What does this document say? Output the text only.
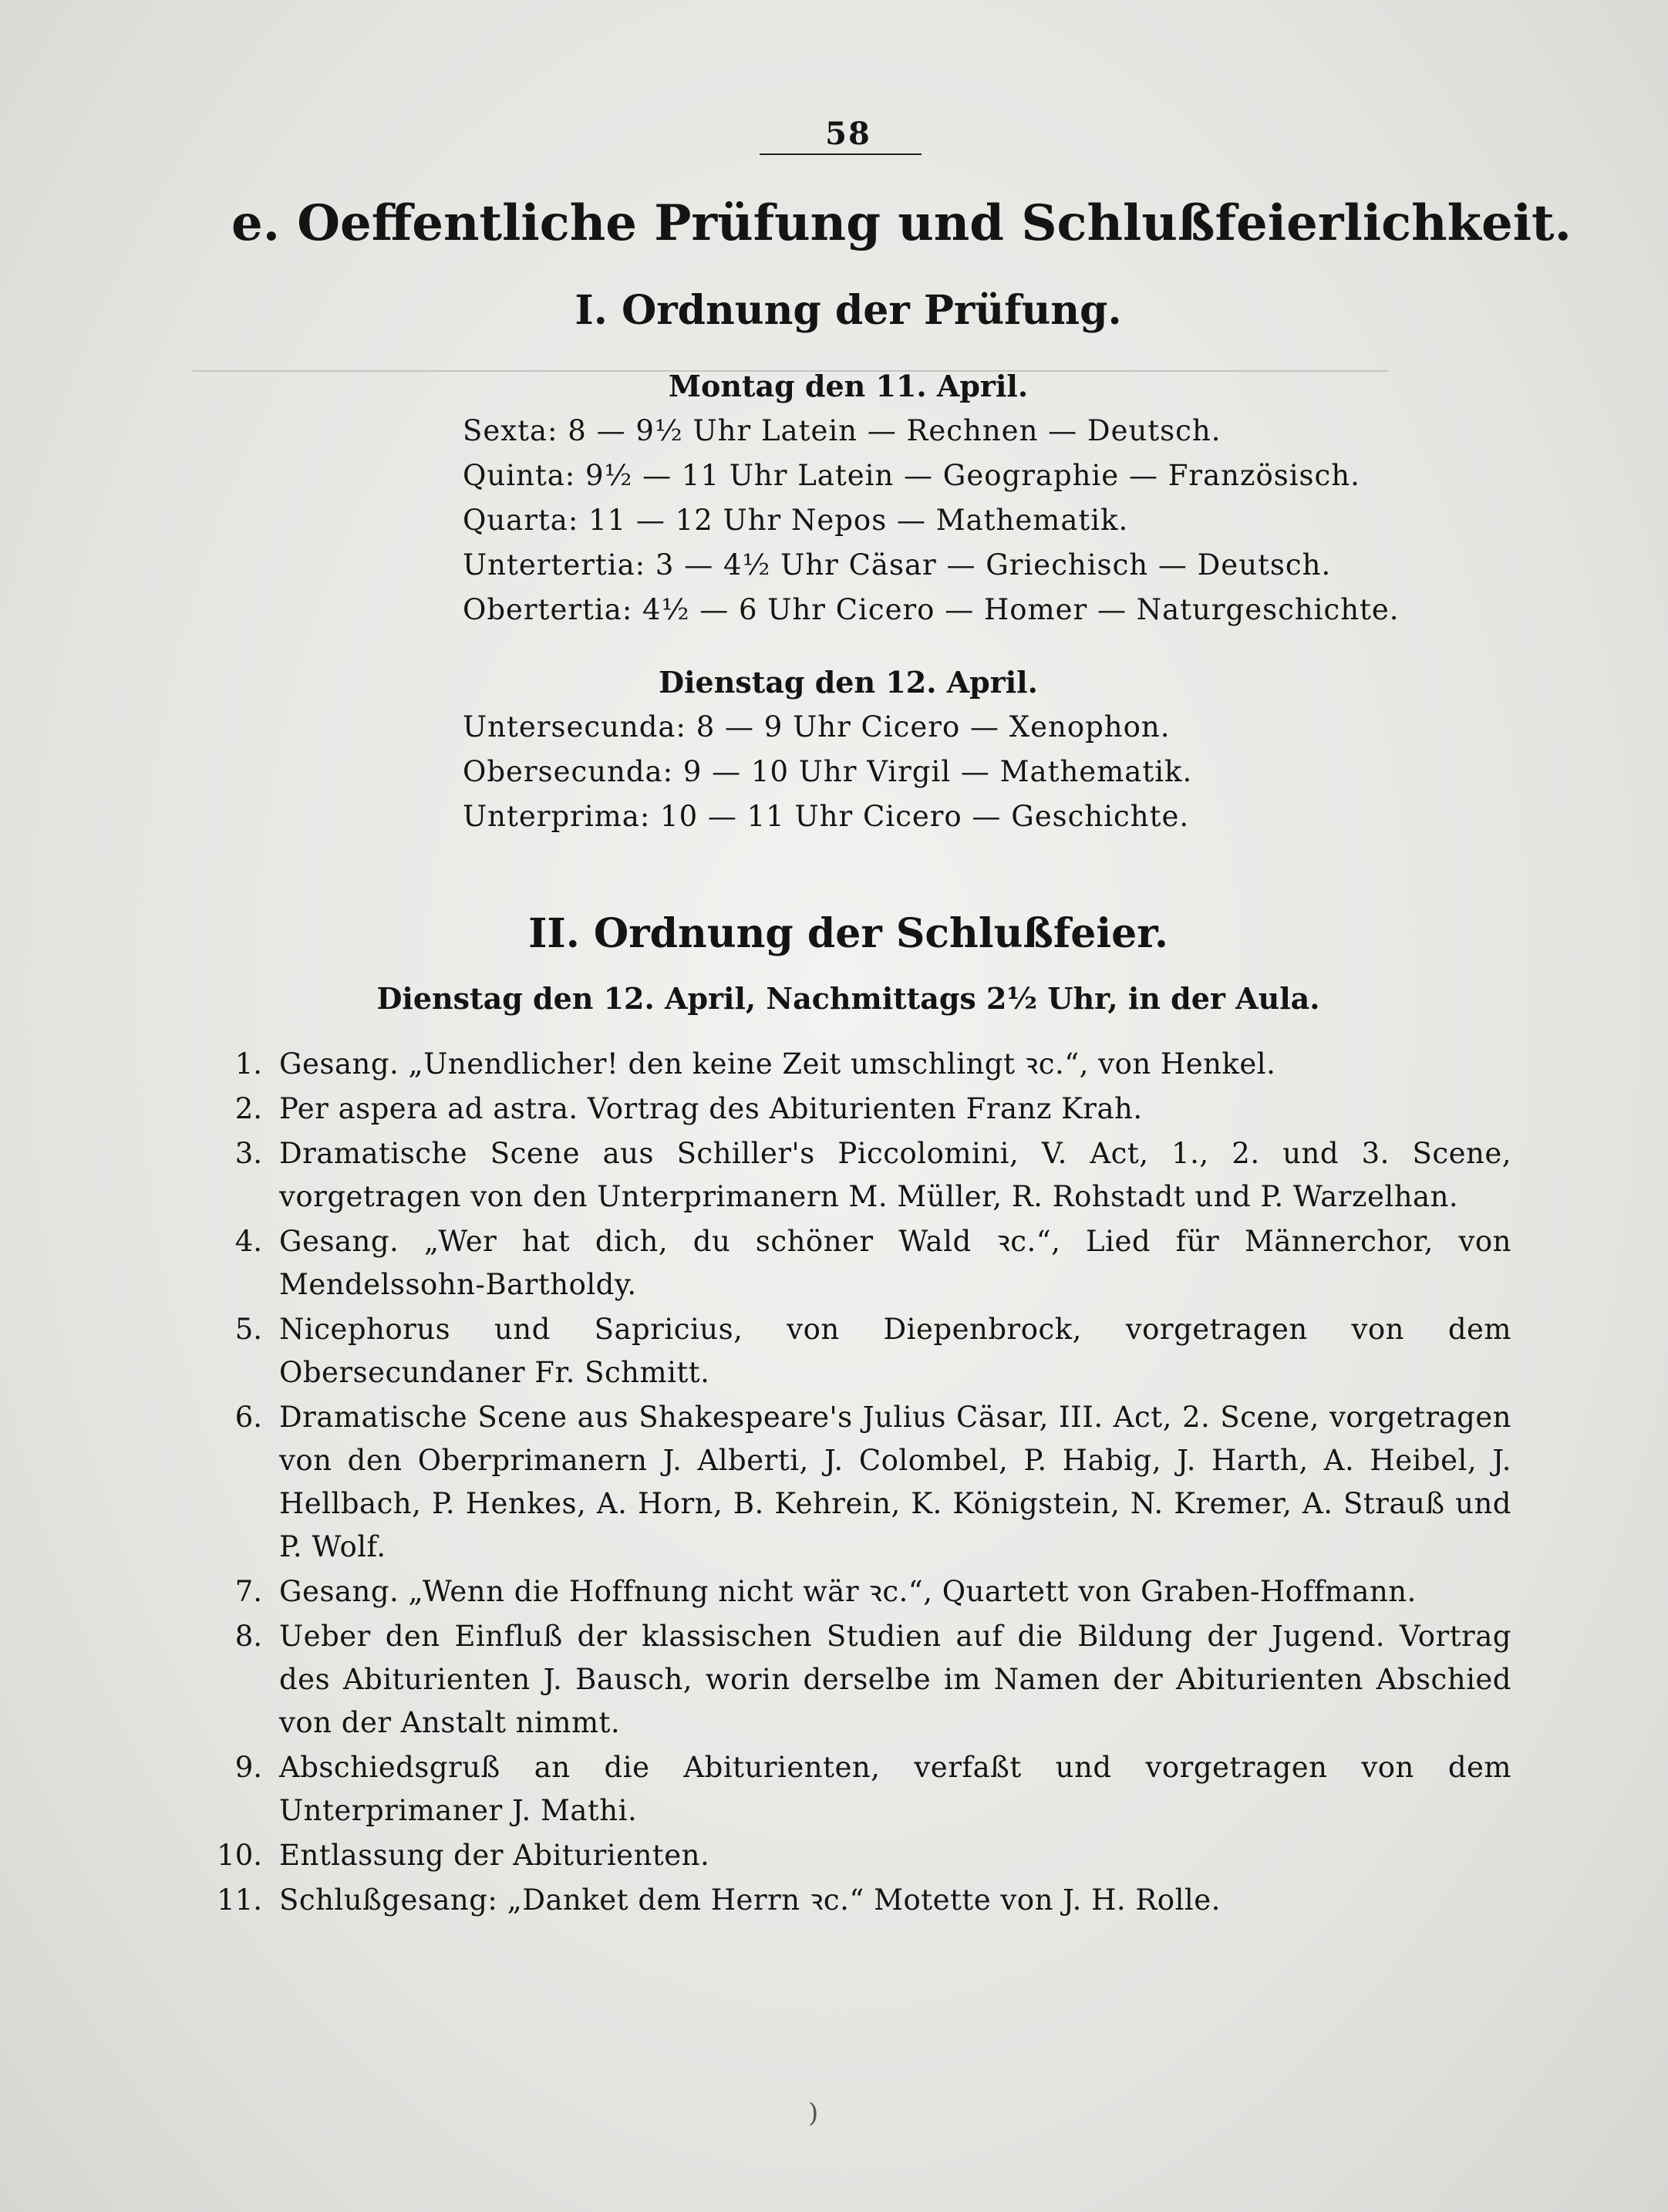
58
e. Oeffentliche Prüfung und Schlußfeierlichkeit.
I. Ordnung der Prüfung.
Montag den 11. April.
Sexta: 8 — 9½ Uhr Latein — Rechnen — Deutsch.
Quinta: 9½ — 11 Uhr Latein — Geographie — Französisch.
Quarta: 11 — 12 Uhr Nepos — Mathematik.
Untertertia: 3 — 4½ Uhr Cäsar — Griechisch — Deutsch.
Obertertia: 4½ — 6 Uhr Cicero — Homer — Naturgeschichte.
Dienstag den 12. April.
Untersecunda: 8 — 9 Uhr Cicero — Xenophon.
Obersecunda: 9 — 10 Uhr Virgil — Mathematik.
Unterprima: 10 — 11 Uhr Cicero — Geschichte.
II. Ordnung der Schlußfeier.
Dienstag den 12. April, Nachmittags 2½ Uhr, in der Aula.
1. Gesang. „Unendlicher! den keine Zeit umschlingt ꝛc.“, von Henkel.
2. Per aspera ad astra. Vortrag des Abiturienten Franz Krah.
3. Dramatische Scene aus Schiller's Piccolomini, V. Act, 1., 2. und 3. Scene, vorgetragen von den Unterprimanern M. Müller, R. Rohstadt und P. Warzelhan.
4. Gesang. „Wer hat dich, du schöner Wald ꝛc.“, Lied für Männerchor, von Mendelssohn-Bartholdy.
5. Nicephorus und Sapricius, von Diepenbrock, vorgetragen von dem Obersecundaner Fr. Schmitt.
6. Dramatische Scene aus Shakespeare's Julius Cäsar, III. Act, 2. Scene, vorgetragen von den Oberprimanern J. Alberti, J. Colombel, P. Habig, J. Harth, A. Heibel, J. Hellbach, P. Henkes, A. Horn, B. Kehrein, K. Königstein, N. Kremer, A. Strauß und P. Wolf.
7. Gesang. „Wenn die Hoffnung nicht wär ꝛc.“, Quartett von Graben-Hoffmann.
8. Ueber den Einfluß der klassischen Studien auf die Bildung der Jugend. Vortrag des Abiturienten J. Bausch, worin derselbe im Namen der Abiturienten Abschied von der Anstalt nimmt.
9. Abschiedsgruß an die Abiturienten, verfaßt und vorgetragen von dem Unterprimaner J. Mathi.
10. Entlassung der Abiturienten.
11. Schlußgesang: „Danket dem Herrn ꝛc.“ Motette von J. H. Rolle.
)
